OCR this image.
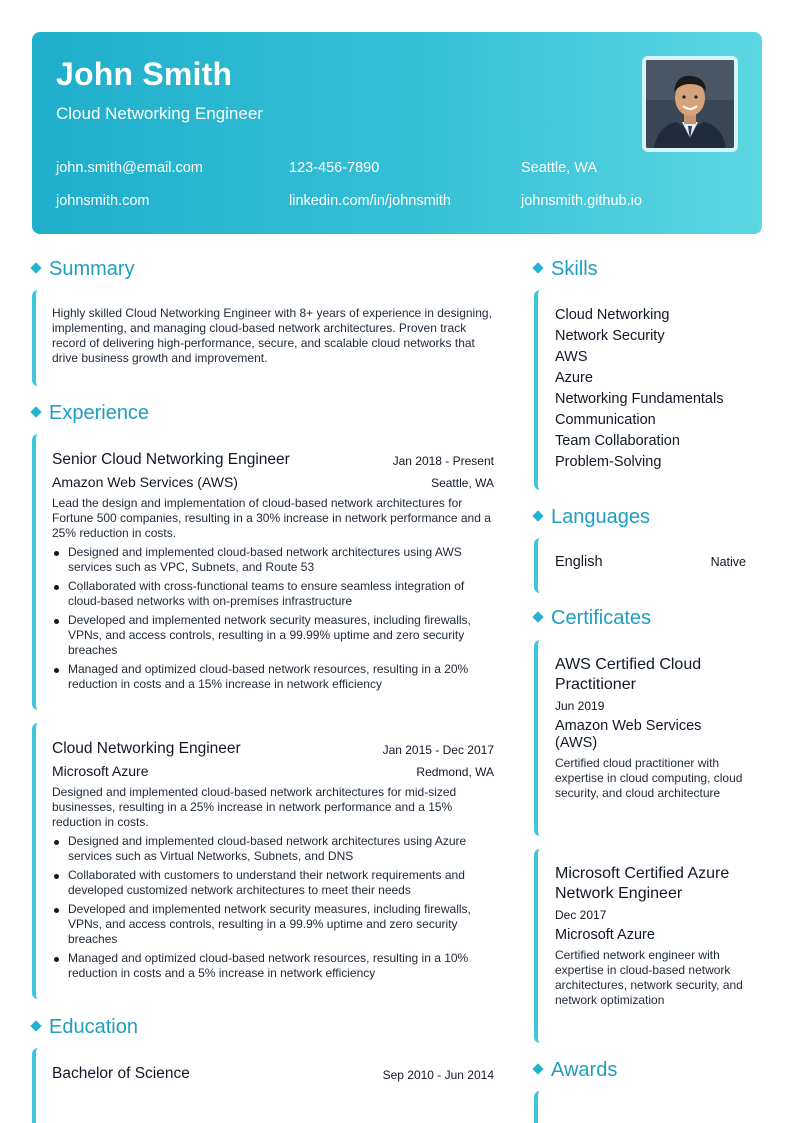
John Smith
Cloud Networking Engineer
john.smith@email.com	123-456-7890	Seattle, WA
johnsmith.com	linkedin.com/in/johnsmith	johnsmith.github.io
Summary
Highly skilled Cloud Networking Engineer with 8+ years of experience in designing, implementing, and managing cloud-based network architectures. Proven track record of delivering high-performance, secure, and scalable cloud networks that drive business growth and improvement.
Experience
Senior Cloud Networking Engineer	Jan 2018 - Present
Amazon Web Services (AWS)	Seattle, WA
Lead the design and implementation of cloud-based network architectures for Fortune 500 companies, resulting in a 30% increase in network performance and a 25% reduction in costs.
Designed and implemented cloud-based network architectures using AWS services such as VPC, Subnets, and Route 53
Collaborated with cross-functional teams to ensure seamless integration of cloud-based networks with on-premises infrastructure
Developed and implemented network security measures, including firewalls, VPNs, and access controls, resulting in a 99.99% uptime and zero security breaches
Managed and optimized cloud-based network resources, resulting in a 20% reduction in costs and a 15% increase in network efficiency
Cloud Networking Engineer	Jan 2015 - Dec 2017
Microsoft Azure	Redmond, WA
Designed and implemented cloud-based network architectures for mid-sized businesses, resulting in a 25% increase in network performance and a 15% reduction in costs.
Designed and implemented cloud-based network architectures using Azure services such as Virtual Networks, Subnets, and DNS
Collaborated with customers to understand their network requirements and developed customized network architectures to meet their needs
Developed and implemented network security measures, including firewalls, VPNs, and access controls, resulting in a 99.9% uptime and zero security breaches
Managed and optimized cloud-based network resources, resulting in a 10% reduction in costs and a 5% increase in network efficiency
Education
Bachelor of Science	Sep 2010 - Jun 2014
Skills
Cloud Networking
Network Security
AWS
Azure
Networking Fundamentals
Communication
Team Collaboration
Problem-Solving
Languages
English	Native
Certificates
AWS Certified Cloud Practitioner
Jun 2019
Amazon Web Services (AWS)
Certified cloud practitioner with expertise in cloud computing, cloud security, and cloud architecture
Microsoft Certified Azure Network Engineer
Dec 2017
Microsoft Azure
Certified network engineer with expertise in cloud-based network architectures, network security, and network optimization
Awards
